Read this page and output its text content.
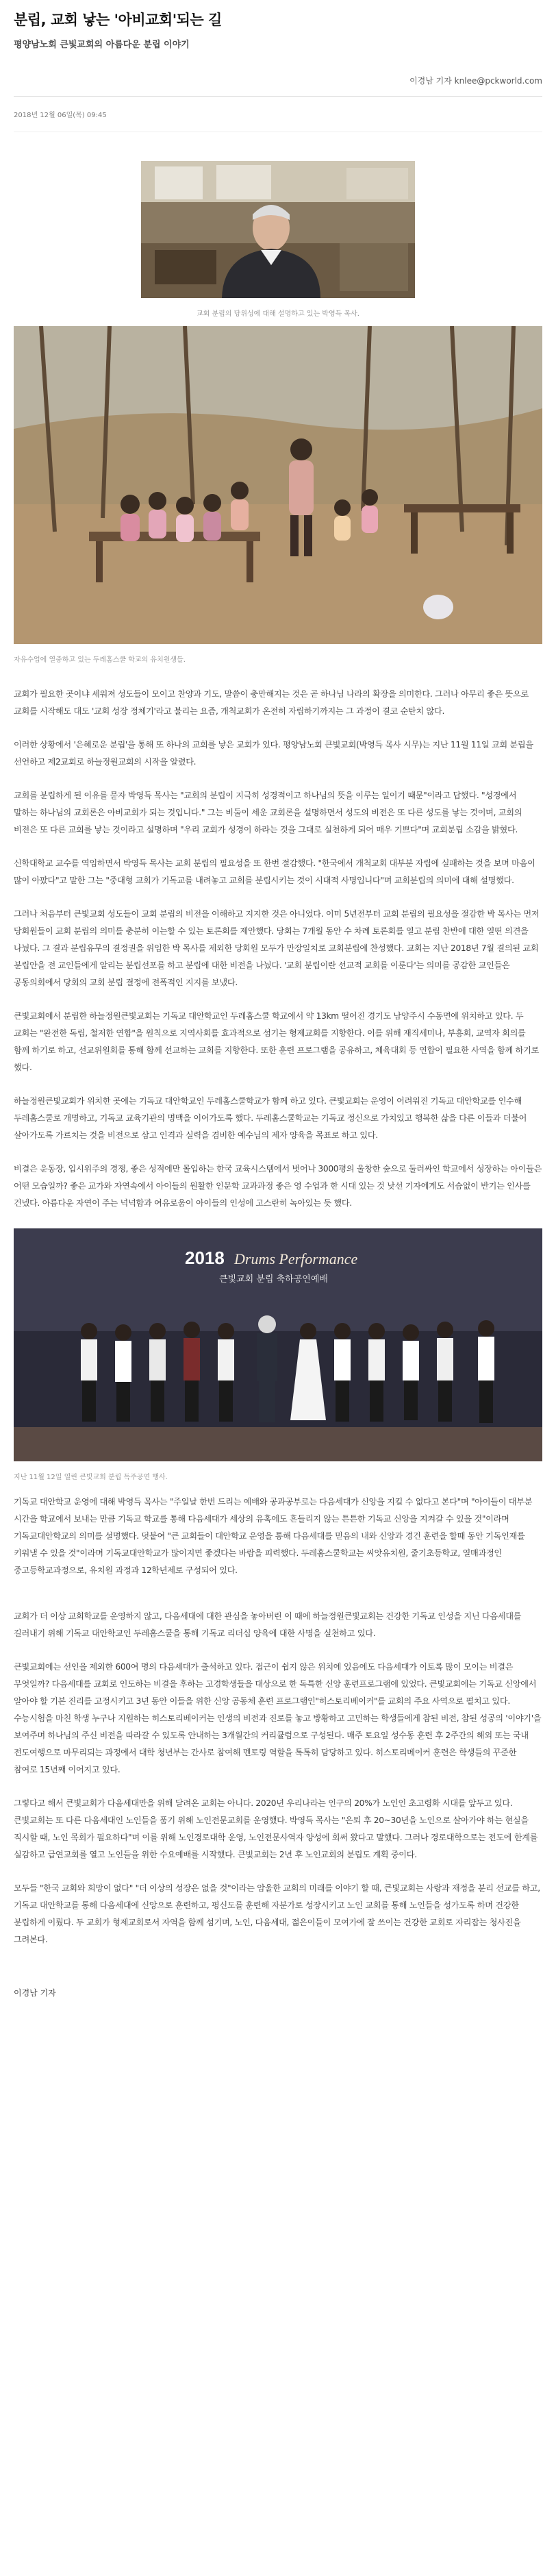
분립, 교회 낳는 '아비교회'되는 길
평양남노회 큰빛교회의 아름다운 분립 이야기
이경남 기자 knlee@pckworld.com
2018년 12월 06일(목) 09:45
교회 분립의 당위성에 대해 설명하고 있는 박영득 목사.
자유수업에 열중하고 있는 두레홈스쿨 학교의 유치원생들.

교회가 필요한 곳이냐 세워져 성도들이 모이고 찬양과 기도, 말씀이 충만해지는 것은 곧 하나님 나라의 확장을 의미한다. 그러나 아무리 좋은 뜻으로 교회를 시작해도 대도 '교회 성장 정체기'라고 불리는 요즘, 개척교회가 온전히 자립하기까지는 그 과정이 결코 순탄치 않다.

이러한 상황에서 '은혜로운 분립'을 통해 또 하나의 교회를 낳은 교회가 있다. 평양남노회 큰빛교회(박영득 목사 시무)는 지난 11월 11일 교회 분립을 선언하고 제2교회로 하늘정원교회의 시작을 알렸다.

교회를 분립하게 된 이유를 묻자 박영득 목사는 "교회의 분립이 지극히 성경적이고 하나님의 뜻을 이루는 일이기 때문"이라고 답했다. "성경에서 말하는 하나님의 교회론은 아비교회가 되는 것입니다." 그는 비둘이 세운 교회론을 설명하면서 성도의 비전은 또 다른 성도를 낳는 것이며, 교회의 비전은 또 다른 교회를 낳는 것이라고 설명하며 "우리 교회가 성경이 하라는 것을 그대로 실천하게 되어 매우 기쁘다"며 교회분립 소감을 밝혔다.

신학대학교 교수를 역임하면서 박영득 목사는 교회 분립의 필요성을 또 한번 절감했다. "한국에서 개척교회 대부분 자립에 실패하는 것을 보며 마음이 많이 아팠다"고 말한 그는 "중대형 교회가 기독교를 내려놓고 교회를 분립시키는 것이 시대적 사명입니다"며 교회분립의 의미에 대해 설명했다.

그러나 처음부터 큰빛교회 성도들이 교회 분립의 비전을 이해하고 지지한 것은 아니었다. 이미 5년전부터 교회 분립의 필요성을 절감한 박 목사는 먼저 당회원들이 교회 분립의 의미를 충분히 이는할 수 있는 토론회를 제안했다. 당회는 7개월 동안 수 차례 토론회를 열고 분립 찬반에 대한 열띤 의견을 나눴다. 그 결과 분립유무의 결정권을 위임한 박 목사를 제외한 당회원 모두가 만장일치로 교회분립에 찬성했다. 교회는 지난 2018년 7월 결의된 교회 분립안을 전 교인들에게 알리는 분립선포를 하고 분립에 대한 비전을 나눴다. '교회 분립이란 선교적 교회를 이룬다'는 의미를 공감한 교인들은 공동의회에서 당회의 교회 분립 결정에 전폭적인 지지를 보냈다.

큰빛교회에서 분립한 하늘정원큰빛교회는 기독교 대안학교인 두레홈스쿨 학교에서 약 13km 떨어진 경기도 남양주시 수동면에 위치하고 있다. 두 교회는 "완전한 독립, 철저한 연합"을 원칙으로 지역사회를 효과적으로 섬기는 형제교회를 지향한다. 이를 위해 재직세미나, 부흥회, 교역자 회의를 함께 하기로 하고, 선교위원회를 통해 함께 선교하는 교회를 지향한다. 또한 훈련 프로그램을 공유하고, 체육대회 등 연합이 필요한 사역을 함께 하기로 했다.

하늘정원큰빛교회가 위치한 곳에는 기독교 대안학교인 두레홈스쿨학교가 함께 하고 있다. 큰빛교회는 운영이 어려워진 기독교 대안학교를 인수해 두레홈스쿨로 개명하고, 기독교 교육기관의 명맥을 이어가도록 했다. 두레홈스쿨학교는 기독교 정신으로 가치있고 행복한 삶을 다른 이들과 더불어 살아가도록 가르치는 것을 비전으로 삼고 인격과 실력을 겸비한 예수님의 제자 양육을 목표로 하고 있다.

비결은 운동장, 입시위주의 경쟁, 좋은 성적에만 몰입하는 한국 교육시스템에서 벗어나 3000평의 울창한 숲으로 둘러싸인 학교에서 성장하는 아이들은 어떤 모습일까? 좋은 교가와 자연속에서 아이들의 원활한 인문학 교과과정 좋은 영 수업과 한 시대 있는 것 낮선 기자에게도 서슴없이 반기는 인사를 건넸다. 아름다운 자연이 주는 넉넉함과 여유로움이 아이들의 인성에 고스란히 녹아있는 듯 했다.

2018 Drums Performance
큰빛교회 분립 축하공연예배
지난 11월 12일 열린 큰빛교회 분립 독주공연 행사.

기독교 대안학교 운영에 대해 박영득 목사는 "주일날 한번 드리는 예배와 공과공부로는 다음세대가 신앙을 지킬 수 없다고 본다"며 "아이들이 대부분 시간을 학교에서 보내는 만큼 기독교 학교를 통해 다음세대가 세상의 유혹에도 흔들리지 않는 튼튼한 기독교 신앙을 지켜갈 수 있을 것"이라며 기독교대안학교의 의미를 설명했다. 덧붙여 "큰 교회들이 대안학교 운영을 통해 다음세대를 믿음의 내와 신앙과 경건 훈련을 할때 동안 기독인재를 키워낼 수 있을 것"이라며 기독교대안학교가 많이지면 좋겠다는 바람을 피력했다. 두레홈스쿨학교는 씨앗유치원, 줄기초등학교, 열매과정인 중고등학교과정으로, 유치원 과정과 12학년제로 구성되어 있다.

교회가 더 이상 교회학교를 운영하지 않고, 다음세대에 대한 관심을 놓아버린 이 때에 하늘정원큰빛교회는 건강한 기독교 인성을 지닌 다음세대를 길러내기 위해 기독교 대안학교인 두레홈스쿨을 통해 기독교 리더십 양육에 대한 사명을 실천하고 있다.

큰빛교회에는 선인을 제외한 600여 명의 다음세대가 출석하고 있다. 접근이 쉽지 않은 위치에 있음에도 다음세대가 이토록 많이 모이는 비결은 무엇일까? 다음세대를 교회로 인도하는 비결을 후하는 고경학생들을 대상으로 한 독특한 신앙 훈련프로그램에 있었다. 큰빛교회에는 기독교 신앙에서 알아야 할 기본 진리를 고정시키고 3년 동안 이들을 위한 신앙 공동체 훈련 프로그램인"히스토리베이커"를 교회의 주요 사역으로 펼치고 있다. 수능시험을 마친 학생 누구나 지원하는 히스토리베이커는 인생의 비전과 진로를 놓고 방황하고 고민하는 학생들에게 참된 비전, 참된 성공의 '이야기'을 보여주며 하나님의 주신 비전을 따라갈 수 있도록 안내하는 3개월간의 커리큘럼으로 구성된다. 매주 토요일 성수동 훈련 후 2주간의 해외 또는 국내 전도여행으로 마무리되는 과정에서 대학 청년부는 간사로 참여해 멘토링 역할을 톡톡히 담당하고 있다. 히스토리메이커 훈련은 학생들의 꾸준한 참여로 15년째 이어지고 있다.

그렇다고 해서 큰빛교회가 다음세대만을 위해 달려온 교회는 아니다. 2020년 우리나라는 인구의 20%가 노인인 초고령화 시대를 앞두고 있다. 큰빛교회는 또 다른 다음세대인 노인들을 품기 위해 노인전문교회를 운영했다. 박영득 목사는 "은퇴 후 20~30년을 노인으로 살아가야 하는 현실을 직시할 때, 노인 목회가 필요하다"며 이를 위해 노인경로대학 운영, 노인전문사역자 양성에 회써 왔다고 말했다. 그러나 경로대학으로는 전도에 한계를 실감하고 급연교회를 열고 노인들을 위한 수요예배를 시작했다. 큰빛교회는 2년 후 노인교회의 분립도 계획 중이다.

모두들 "한국 교회와 희망이 없다" "더 이상의 성장은 없을 것"이라는 암울한 교회의 미래를 이야기 할 때, 큰빛교회는 사랑과 재정을 분리 선교를 하고, 기독교 대안학교를 통해 다음세대에 신앙으로 훈련하고, 평신도를 훈련해 자분가로 성장시키고 노인 교회를 통해 노인들을 성가도록 하며 건강한 분립하게 이뤘다. 두 교회가 형제교회로서 자역을 함께 섬기며, 노인, 다음세대, 젊은이들이 모여가에 잘 쓰이는 건강한 교회로 자리잡는 청사진을 그려본다.

이경남 기자
